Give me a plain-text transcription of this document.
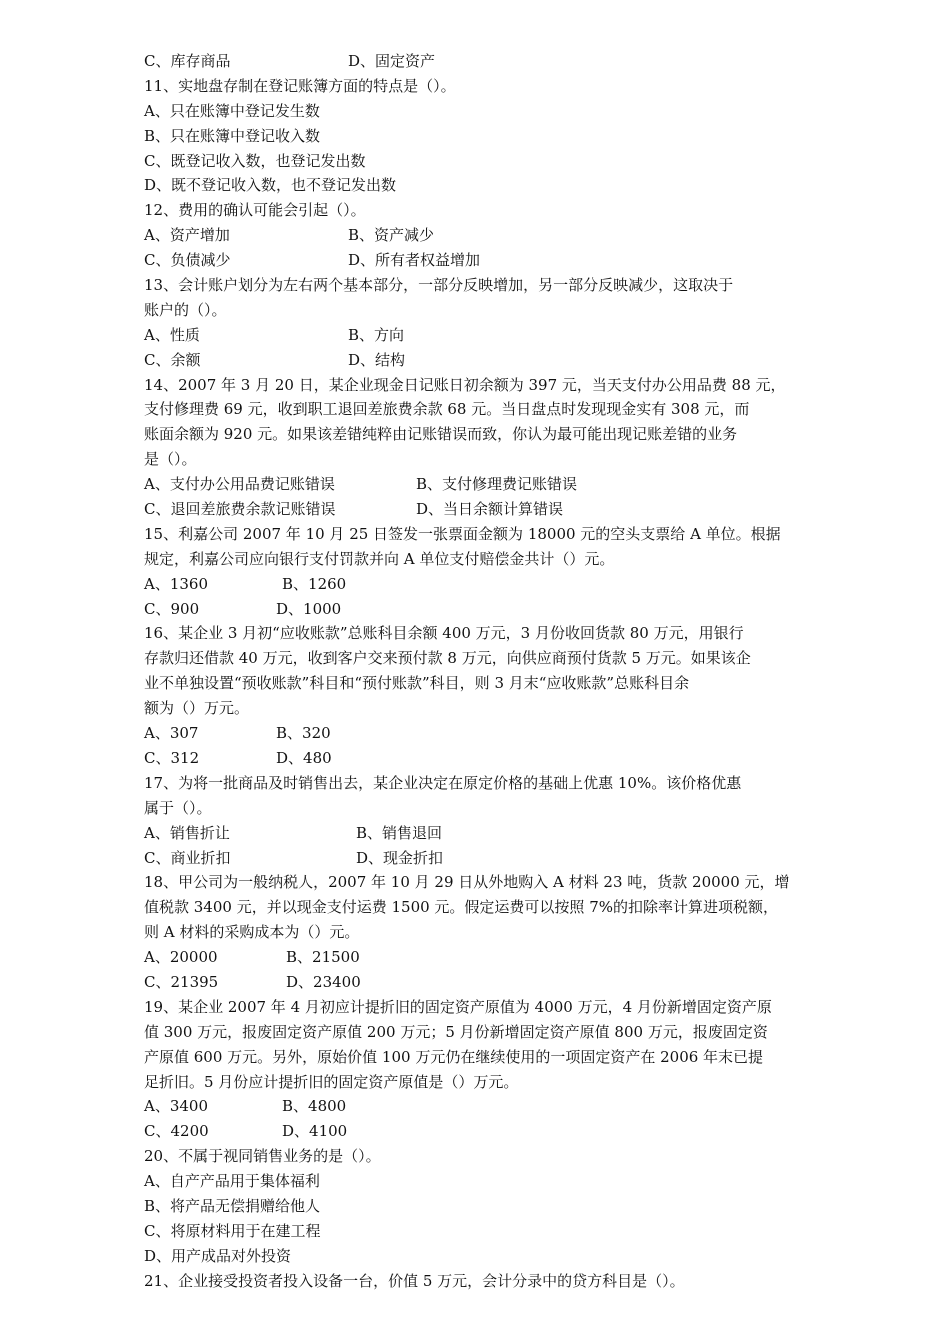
C、库存商品	D、固定资产
11、实地盘存制在登记账簿方面的特点是（）。
A、只在账簿中登记发生数
B、只在账簿中登记收入数
C、既登记收入数，也登记发出数
D、既不登记收入数，也不登记发出数
12、费用的确认可能会引起（）。
A、资产增加	B、资产减少
C、负债减少	D、所有者权益增加
13、会计账户划分为左右两个基本部分，一部分反映增加，另一部分反映减少，这取决于
账户的（）。
A、性质	B、方向
C、余额	D、结构
14、2007 年 3 月 20 日，某企业现金日记账日初余额为 397 元，当天支付办公用品费 88 元，
支付修理费 69 元，收到职工退回差旅费余款 68 元。当日盘点时发现现金实有 308 元，而
账面余额为 920 元。如果该差错纯粹由记账错误而致，你认为最可能出现记账差错的业务
是（）。
A、支付办公用品费记账错误	B、支付修理费记账错误
C、退回差旅费余款记账错误	D、当日余额计算错误
15、利嘉公司 2007 年 10 月 25 日签发一张票面金额为 18000 元的空头支票给 A 单位。根据
规定，利嘉公司应向银行支付罚款并向 A 单位支付赔偿金共计（）元。
A、1360	B、1260
C、900	D、1000
16、某企业 3 月初“应收账款”总账科目余额 400 万元，3 月份收回货款 80 万元，用银行
存款归还借款 40 万元，收到客户交来预付款 8 万元，向供应商预付货款 5 万元。如果该企
业不单独设置“预收账款”科目和“预付账款”科目，则 3 月末“应收账款”总账科目余
额为（）万元。
A、307	B、320
C、312	D、480
17、为将一批商品及时销售出去，某企业决定在原定价格的基础上优惠 10%。该价格优惠
属于（）。
A、销售折让	B、销售退回
C、商业折扣	D、现金折扣
18、甲公司为一般纳税人，2007 年 10 月 29 日从外地购入 A 材料 23 吨，货款 20000 元，增
值税款 3400 元，并以现金支付运费 1500 元。假定运费可以按照 7%的扣除率计算进项税额，
则 A 材料的采购成本为（）元。
A、20000	B、21500
C、21395	D、23400
19、某企业 2007 年 4 月初应计提折旧的固定资产原值为 4000 万元，4 月份新增固定资产原
值 300 万元，报废固定资产原值 200 万元；5 月份新增固定资产原值 800 万元，报废固定资
产原值 600 万元。另外，原始价值 100 万元仍在继续使用的一项固定资产在 2006 年末已提
足折旧。5 月份应计提折旧的固定资产原值是（）万元。
A、3400	B、4800
C、4200	D、4100
20、不属于视同销售业务的是（）。
A、自产产品用于集体福利
B、将产品无偿捐赠给他人
C、将原材料用于在建工程
D、用产成品对外投资
21、企业接受投资者投入设备一台，价值 5 万元，会计分录中的贷方科目是（）。
